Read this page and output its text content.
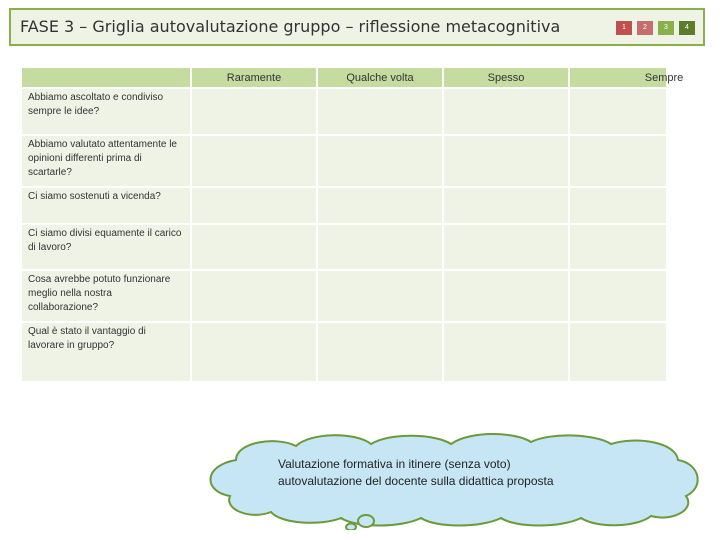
FASE 3 – Griglia autovalutazione gruppo – riflessione metacognitiva	1	2	3	4
	Raramente	Qualche volta	Spesso	Sempre
Abbiamo ascoltato e condiviso sempre le idee?				
Abbiamo valutato attentamente le opinioni differenti prima di scartarle?				
Ci siamo sostenuti a vicenda?				
Ci siamo divisi equamente il carico di lavoro?				
Cosa avrebbe potuto funzionare meglio nella nostra collaborazione?				
Qual è stato il vantaggio di lavorare in gruppo?				
Valutazione formativa in itinere (senza voto)
autovalutazione del docente sulla didattica proposta
